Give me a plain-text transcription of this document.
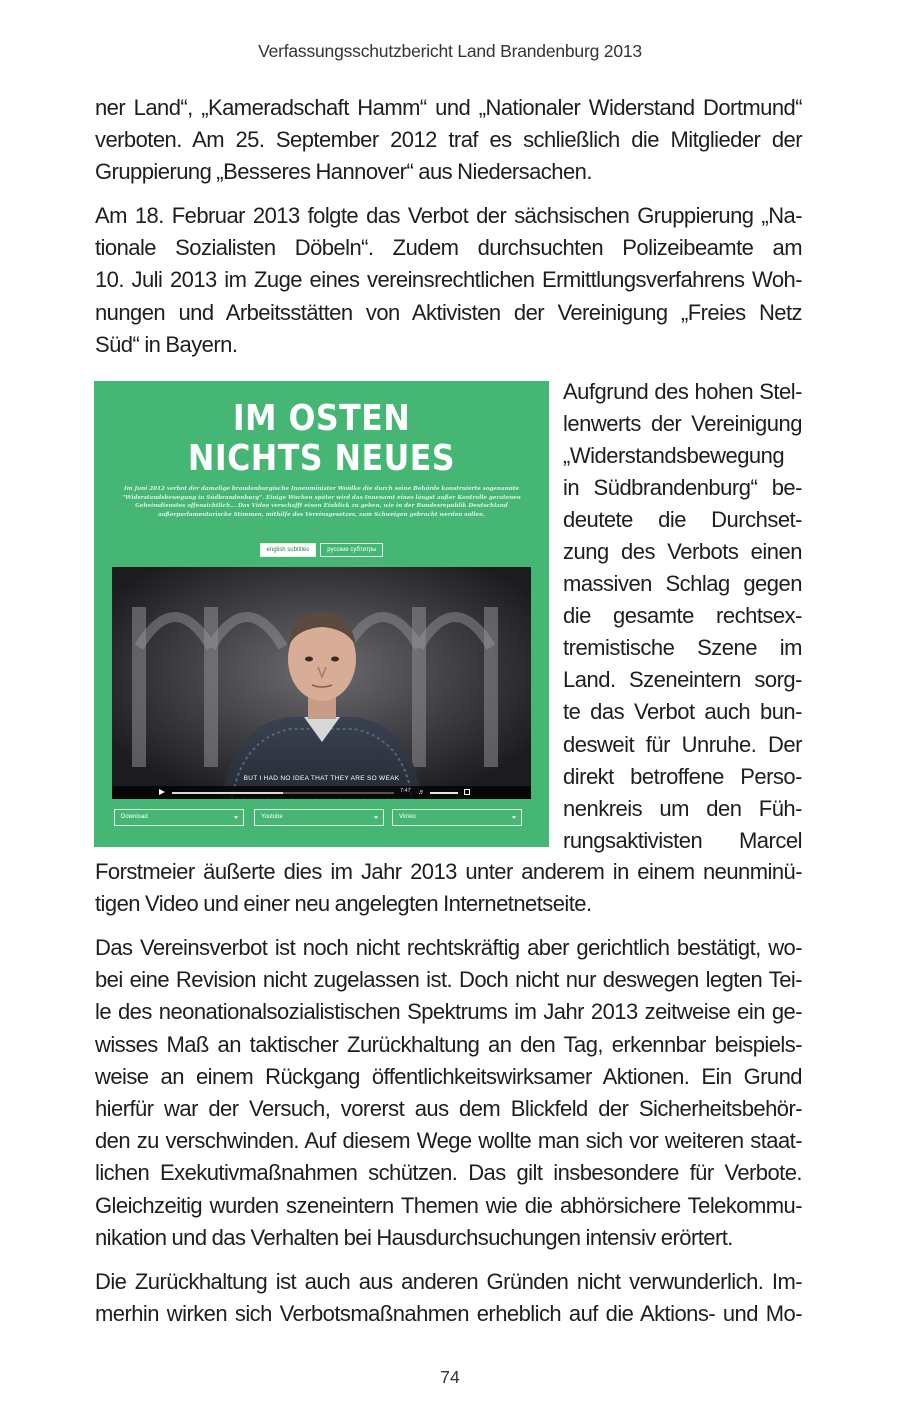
Verfassungsschutzbericht Land Brandenburg 2013

ner Land“, „Kameradschaft Hamm“ und „Nationaler Widerstand Dortmund“
verboten. Am 25. September 2012 traf es schließlich die Mitglieder der
Gruppierung „Besseres Hannover“ aus Niedersachen.

Am 18. Februar 2013 folgte das Verbot der sächsischen Gruppierung „Na-
tionale Sozialisten Döbeln“. Zudem durchsuchten Polizeibeamte am
10. Juli 2013 im Zuge eines vereinsrechtlichen Ermittlungsverfahrens Woh-
nungen und Arbeitsstätten von Aktivisten der Vereinigung „Freies Netz
Süd“ in Bayern.

IM OSTEN
NICHTS NEUES
Im Juni 2012 verbot der damalige brandenburgische Innenminister Woidke die durch seine Behörde konstruierte sogenannte "Widerstandsbewegung in Südbrandenburg". Einige Wochen später wird das Innenamt eines längst außer Kontrolle geratenen Geheimdienstes offensichtlich... Das Video verschafft einen Einblick zu geben, wie in der Bundesrepublik Deutschland außerparlamentarische Stimmen, mithilfe des Vereinsgesetzes, zum Schweigen gebracht werden sollen.
english subtitles	русские субтитры
BUT I HAD NO IDEA THAT THEY ARE SO WEAK
7:47 ♬
Download	Youtube	Vimeo

Aufgrund des hohen Stel-
lenwerts der Vereinigung
„Widerstandsbewegung
in Südbrandenburg“ be-
deutete die Durchset-
zung des Verbots einen
massiven Schlag gegen
die gesamte rechtsex-
tremistische Szene im
Land. Szeneintern sorg-
te das Verbot auch bun-
desweit für Unruhe. Der
direkt betroffene Perso-
nenkreis um den Füh-
rungsaktivisten Marcel

Forstmeier äußerte dies im Jahr 2013 unter anderem in einem neunminü-
tigen Video und einer neu angelegten Internetnetseite.

Das Vereinsverbot ist noch nicht rechtskräftig aber gerichtlich bestätigt, wo-
bei eine Revision nicht zugelassen ist. Doch nicht nur deswegen legten Tei-
le des neonationalsozialistischen Spektrums im Jahr 2013 zeitweise ein ge-
wisses Maß an taktischer Zurückhaltung an den Tag, erkennbar beispiels-
weise an einem Rückgang öffentlichkeitswirksamer Aktionen. Ein Grund
hierfür war der Versuch, vorerst aus dem Blickfeld der Sicherheitsbehör-
den zu verschwinden. Auf diesem Wege wollte man sich vor weiteren staat-
lichen Exekutivmaßnahmen schützen. Das gilt insbesondere für Verbote.
Gleichzeitig wurden szeneintern Themen wie die abhörsichere Telekommu-
nikation und das Verhalten bei Hausdurchsuchungen intensiv erörtert.

Die Zurückhaltung ist auch aus anderen Gründen nicht verwunderlich. Im-
merhin wirken sich Verbotsmaßnahmen erheblich auf die Aktions- und Mo-

74
